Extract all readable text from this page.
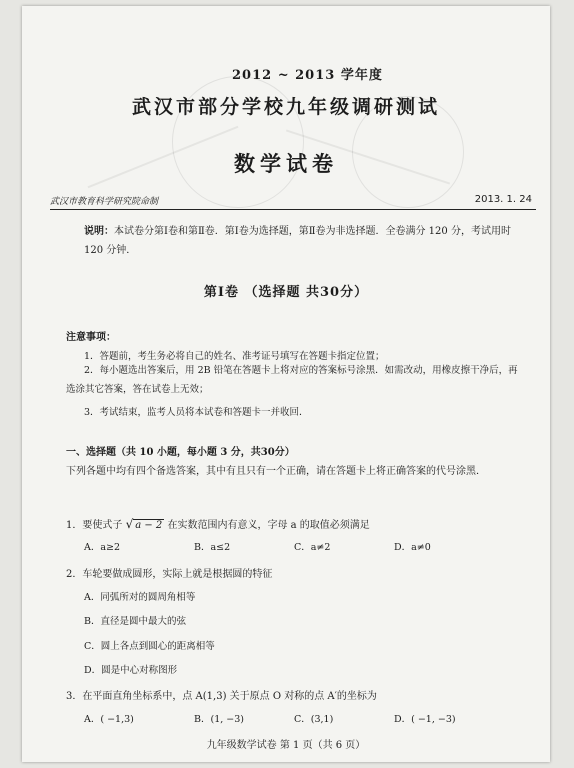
2012 ~ 2013 学年度
武汉市部分学校九年级调研测试
数学试卷
武汉市教育科学研究院命制	2013. 1. 24
说明：本试卷分第Ⅰ卷和第Ⅱ卷．第Ⅰ卷为选择题，第Ⅱ卷为非选择题．全卷满分 120 分，考试用时 120 分钟．
第Ⅰ卷 （选择题 共30分）
注意事项：
1．答题前，考生务必将自己的姓名、准考证号填写在答题卡指定位置；
2．每小题选出答案后，用 2B 铅笔在答题卡上将对应的答案标号涂黑．如需改动，用橡皮擦干净后，再选涂其它答案，答在试卷上无效；
3．考试结束，监考人员将本试卷和答题卡一并收回．
一、选择题（共 10 小题，每小题 3 分，共30分）
下列各题中均有四个备选答案，其中有且只有一个正确，请在答题卡上将正确答案的代号涂黑．
1．要使式子 √ a − 2 在实数范围内有意义，字母 a 的取值必须满足
A．a≥2	B．a≤2	C．a≠2	D．a≠0
2．车轮要做成圆形，实际上就是根据圆的特征
A．同弧所对的圆周角相等
B．直径是圆中最大的弦
C．圆上各点到圆心的距离相等
D．圆是中心对称图形
3．在平面直角坐标系中，点 A(1,3) 关于原点 O 对称的点 A′的坐标为
A．( −1,3)	B．(1, −3)	C．(3,1)	D．( −1, −3)
九年级数学试卷 第 1 页（共 6 页）
